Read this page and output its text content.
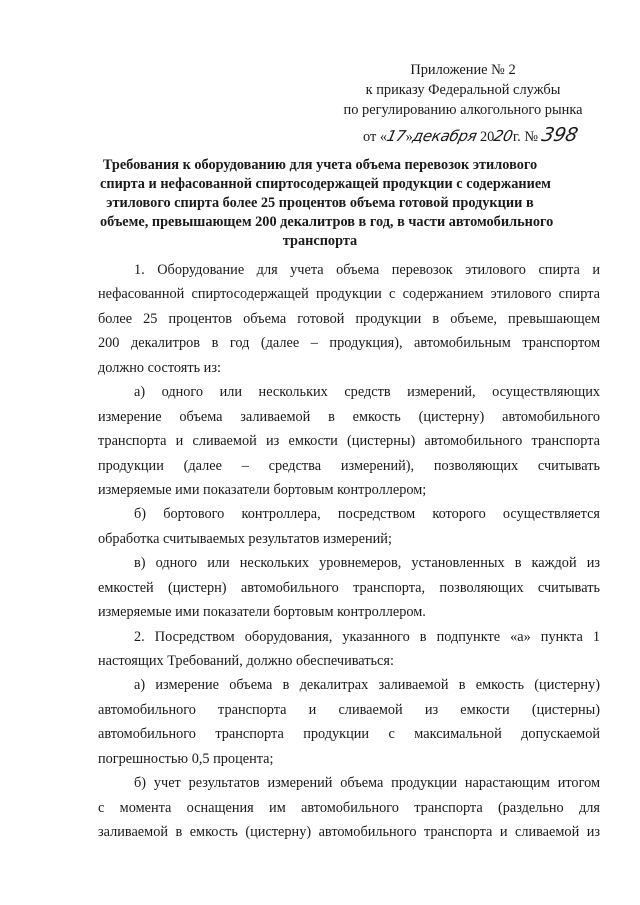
Приложение № 2
к приказу Федеральной службы
по регулированию алкогольного рынка
от «17»декабря 2020г. № 398
Требования к оборудованию для учета объема перевозок этилового
спирта и нефасованной спиртосодержащей продукции с содержанием
этилового спирта более 25 процентов объема готовой продукции в
объеме, превышающем 200 декалитров в год, в части автомобильного
транспорта
1. Оборудование для учета объема перевозок этилового спирта и
нефасованной спиртосодержащей продукции с содержанием этилового спирта
более 25 процентов объема готовой продукции в объеме, превышающем
200 декалитров в год (далее – продукция), автомобильным транспортом
должно состоять из:
а) одного или нескольких средств измерений, осуществляющих
измерение объема заливаемой в емкость (цистерну) автомобильного
транспорта и сливаемой из емкости (цистерны) автомобильного транспорта
продукции (далее – средства измерений), позволяющих считывать
измеряемые ими показатели бортовым контроллером;
б) бортового контроллера, посредством которого осуществляется
обработка считываемых результатов измерений;
в) одного или нескольких уровнемеров, установленных в каждой из
емкостей (цистерн) автомобильного транспорта, позволяющих считывать
измеряемые ими показатели бортовым контроллером.
2. Посредством оборудования, указанного в подпункте «а» пункта 1
настоящих Требований, должно обеспечиваться:
а) измерение объема в декалитрах заливаемой в емкость (цистерну)
автомобильного транспорта и сливаемой из емкости (цистерны)
автомобильного транспорта продукции с максимальной допускаемой
погрешностью 0,5 процента;
б) учет результатов измерений объема продукции нарастающим итогом
с момента оснащения им автомобильного транспорта (раздельно для
заливаемой в емкость (цистерну) автомобильного транспорта и сливаемой из
